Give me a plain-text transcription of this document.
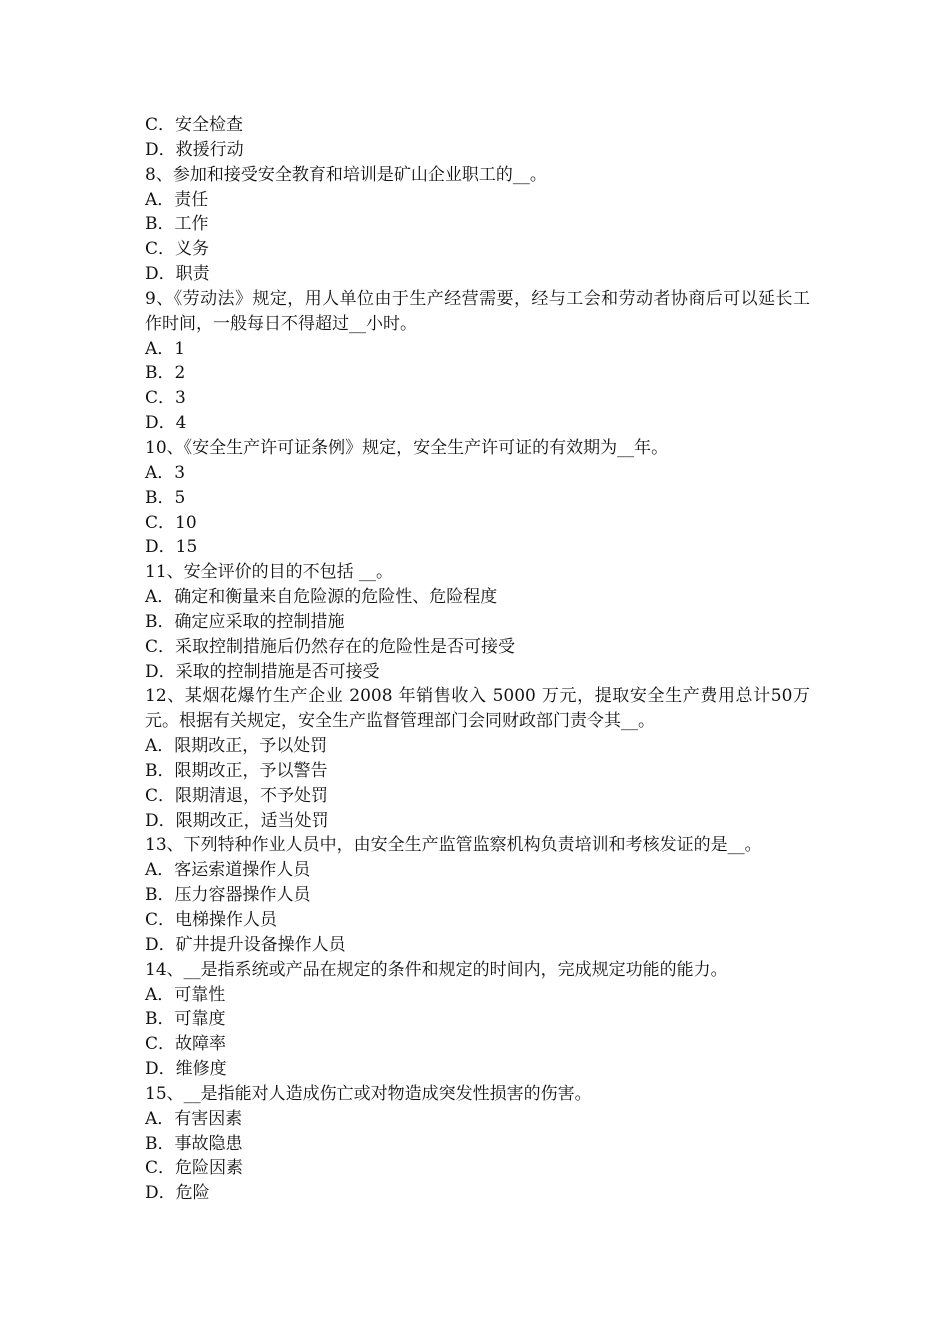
C．安全检查
D．救援行动
8、参加和接受安全教育和培训是矿山企业职工的__。
A．责任
B．工作
C．义务
D．职责
9、《劳动法》规定，用人单位由于生产经营需要，经与工会和劳动者协商后可以延长工作时间，一般每日不得超过__小时。
A．1
B．2
C．3
D．4
10、《安全生产许可证条例》规定，安全生产许可证的有效期为__年。
A．3
B．5
C．10
D．15
11、安全评价的目的不包括 __。
A．确定和衡量来自危险源的危险性、危险程度
B．确定应采取的控制措施
C．采取控制措施后仍然存在的危险性是否可接受
D．采取的控制措施是否可接受
12、某烟花爆竹生产企业 2008 年销售收入 5000 万元，提取安全生产费用总计50万元。根据有关规定，安全生产监督管理部门会同财政部门责令其__。
A．限期改正，予以处罚
B．限期改正，予以警告
C．限期清退，不予处罚
D．限期改正，适当处罚
13、下列特种作业人员中，由安全生产监管监察机构负责培训和考核发证的是__。
A．客运索道操作人员
B．压力容器操作人员
C．电梯操作人员
D．矿井提升设备操作人员
14、__是指系统或产品在规定的条件和规定的时间内，完成规定功能的能力。
A．可靠性
B．可靠度
C．故障率
D．维修度
15、__是指能对人造成伤亡或对物造成突发性损害的伤害。
A．有害因素
B．事故隐患
C．危险因素
D．危险
